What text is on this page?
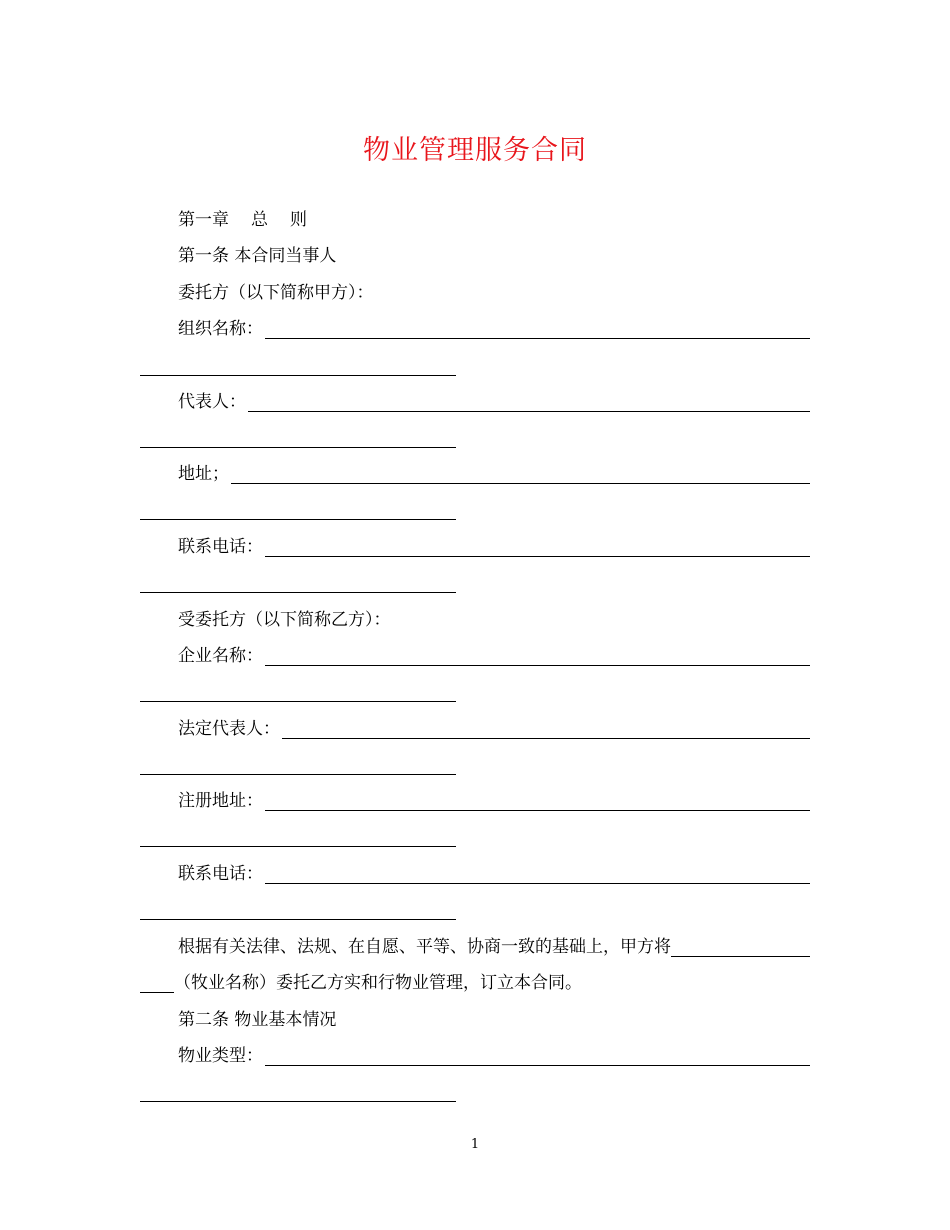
物业管理服务合同
第一章 总 则
第一条 本合同当事人
委托方（以下简称甲方）：
组织名称：
代表人：
地址；
联系电话：
受委托方（以下简称乙方）：
企业名称：
法定代表人：
注册地址：
联系电话：
根据有关法律、法规、在自愿、平等、协商一致的基础上，甲方将
（牧业名称）委托乙方实和行物业管理，订立本合同。
第二条 物业基本情况
物业类型：
1
